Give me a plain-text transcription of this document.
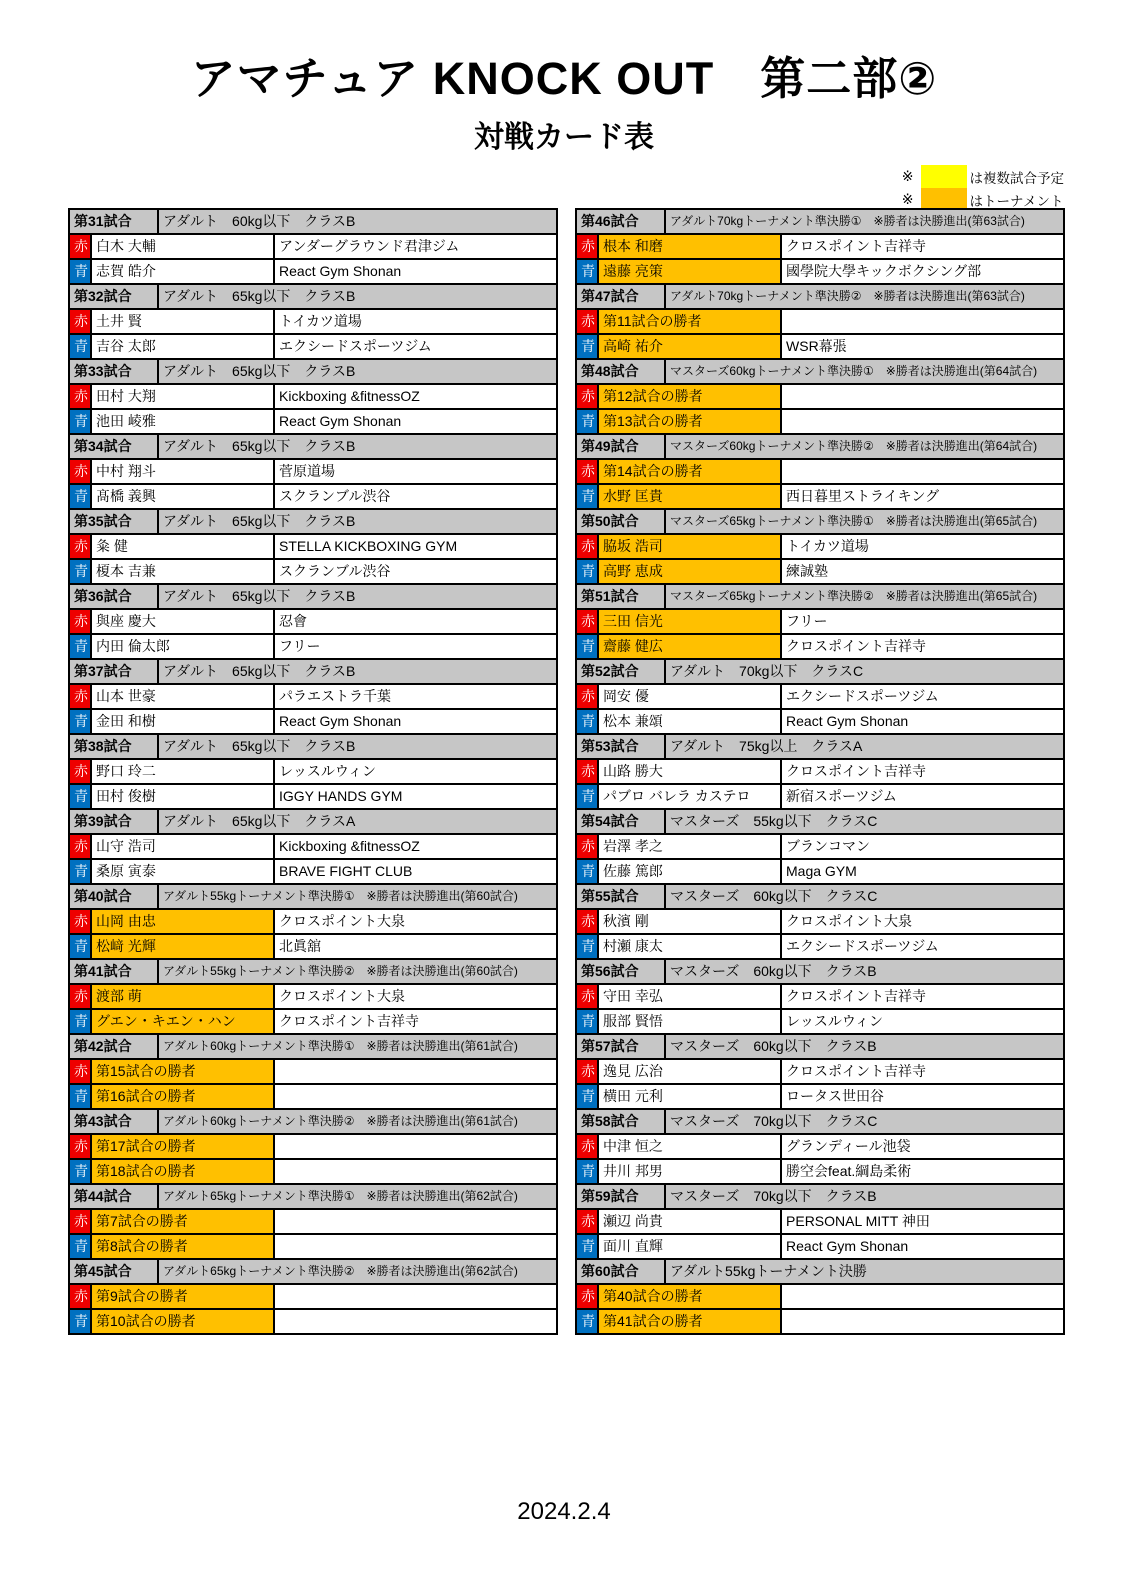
アマチュア KNOCK OUT　第二部②
対戦カード表
※	は複数試合予定
※	はトーナメント
第31試合		アダルト　60kg以下　クラスB	
赤	白木 大輔		アンダーグラウンド君津ジム
青	志賀 皓介		React Gym Shonan
第32試合		アダルト　65kg以下　クラスB	
赤	土井 賢		トイカツ道場
青	吉谷 太郎		エクシードスポーツジム
第33試合		アダルト　65kg以下　クラスB	
赤	田村 大翔		Kickboxing &fitnessOZ
青	池田 崚雅		React Gym Shonan
第34試合		アダルト　65kg以下　クラスB	
赤	中村 翔斗		菅原道場
青	髙橋 義興		スクランブル渋谷
第35試合		アダルト　65kg以下　クラスB	
赤	粂 健		STELLA KICKBOXING GYM
青	榎本 吉兼		スクランブル渋谷
第36試合		アダルト　65kg以下　クラスB	
赤	與座 慶大		忍會
青	内田 倫太郎		フリー
第37試合		アダルト　65kg以下　クラスB	
赤	山本 世豪		パラエストラ千葉
青	金田 和樹		React Gym Shonan
第38試合		アダルト　65kg以下　クラスB	
赤	野口 玲二		レッスルウィン
青	田村 俊樹		IGGY HANDS GYM
第39試合		アダルト　65kg以下　クラスA	
赤	山守 浩司		Kickboxing &fitnessOZ
青	桑原 寅泰		BRAVE FIGHT CLUB
第40試合		アダルト55kgトーナメント準決勝①　※勝者は決勝進出(第60試合)	
赤	山岡 由忠		クロスポイント大泉
青	松﨑 光輝		北眞舘
第41試合		アダルト55kgトーナメント準決勝②　※勝者は決勝進出(第60試合)	
赤	渡部 萌		クロスポイント大泉
青	グエン・キエン・ハン		クロスポイント吉祥寺
第42試合		アダルト60kgトーナメント準決勝①　※勝者は決勝進出(第61試合)	
赤	第15試合の勝者		
青	第16試合の勝者		
第43試合		アダルト60kgトーナメント準決勝②　※勝者は決勝進出(第61試合)	
赤	第17試合の勝者		
青	第18試合の勝者		
第44試合		アダルト65kgトーナメント準決勝①　※勝者は決勝進出(第62試合)	
赤	第7試合の勝者		
青	第8試合の勝者		
第45試合		アダルト65kgトーナメント準決勝②　※勝者は決勝進出(第62試合)	
赤	第9試合の勝者		
青	第10試合の勝者		
第46試合		アダルト70kgトーナメント準決勝①　※勝者は決勝進出(第63試合)	
赤	根本 和磨		クロスポイント吉祥寺
青	遠藤 亮策		國學院大學キックボクシング部
第47試合		アダルト70kgトーナメント準決勝②　※勝者は決勝進出(第63試合)	
赤	第11試合の勝者		
青	高崎 祐介		WSR幕張
第48試合		マスターズ60kgトーナメント準決勝①　※勝者は決勝進出(第64試合)	
赤	第12試合の勝者		
青	第13試合の勝者		
第49試合		マスターズ60kgトーナメント準決勝②　※勝者は決勝進出(第64試合)	
赤	第14試合の勝者		
青	水野 匡貴		西日暮里ストライキング
第50試合		マスターズ65kgトーナメント準決勝①　※勝者は決勝進出(第65試合)	
赤	脇坂 浩司		トイカツ道場
青	高野 恵成		練誠塾
第51試合		マスターズ65kgトーナメント準決勝②　※勝者は決勝進出(第65試合)	
赤	三田 信光		フリー
青	齋藤 健広		クロスポイント吉祥寺
第52試合		アダルト　70kg以下　クラスC	
赤	岡安 優		エクシードスポーツジム
青	松本 兼頌		React Gym Shonan
第53試合		アダルト　75kg以上　クラスA	
赤	山路 勝大		クロスポイント吉祥寺
青	パブロ バレラ カステロ		新宿スポーツジム
第54試合		マスターズ　55kg以下　クラスC	
赤	岩澤 孝之		ブランコマン
青	佐藤 篤郎		Maga GYM
第55試合		マスターズ　60kg以下　クラスC	
赤	秋濱 剛		クロスポイント大泉
青	村瀬 康太		エクシードスポーツジム
第56試合		マスターズ　60kg以下　クラスB	
赤	守田 幸弘		クロスポイント吉祥寺
青	服部 賢悟		レッスルウィン
第57試合		マスターズ　60kg以下　クラスB	
赤	逸見 広治		クロスポイント吉祥寺
青	横田 元利		ロータス世田谷
第58試合		マスターズ　70kg以下　クラスC	
赤	中津 恒之		グランディール池袋
青	井川 邦男		勝空会feat.綱島柔術
第59試合		マスターズ　70kg以下　クラスB	
赤	瀬辺 尚貴		PERSONAL MITT 神田
青	面川 直輝		React Gym Shonan
第60試合		アダルト55kgトーナメント決勝	
赤	第40試合の勝者		
青	第41試合の勝者		
2024.2.4
